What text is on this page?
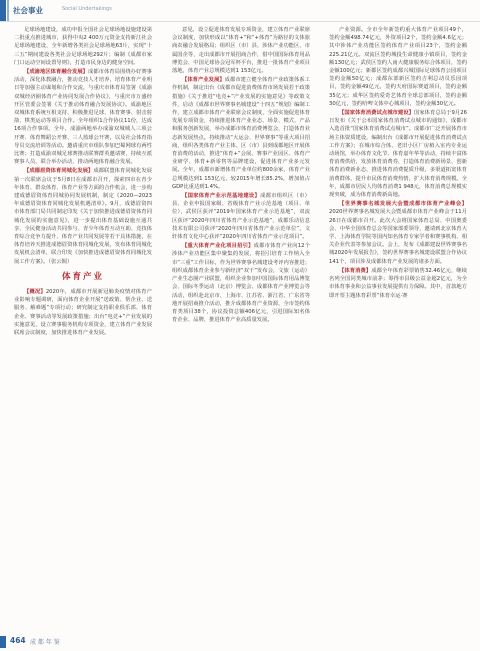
社会事业	Social Undertakings

足球场地建设，成功申报全国社会足球场地设施建设第二批重点推进城市，获得中央2 400万元资金支持新江社会足球场地建设，全年新增各类社会足球场地63片，实现“十三五”期间建设各类社会足球场地292片；编制《成都市家门口运动空间设置导则》，打造市民身边的健身空间。

【成渝地区体育融合发展】成都市体育局围绕办好赛事活动，深化体教融合，推动竞技人才培养，培育体育产业明日等加强主动谋划和合作交流，与重庆市体育局签署《成渝双城经济圈体育产业协同发展合作协议》，与重庆市万盛经开区管委会签署《关于推动体育融合发展协议》。成渝地区双城体育系统互相支持、积极推进足球、体育赛事、射击射箭、棋类运动等项目合作。全年组织1合作协议11份，达成16项合作事项。全年，成渝两地举办成渝双城城人三项公开赛、体育舞蹈公开赛、三人篮球公开赛，以及社会体育指导员交流培训等活动。邀请重庆市组队参加巴蜀网球有两性比赛；打造成渝双城足球赛推动联赛群英邀请赛，持续互派赛事人员，联合举办活动，推动两地体育融合发展。

【成德眉资体育同城化发展】成都联盟体育同城化发展第一次联席会议于5月8日在成都市召开，探索四市在青少年体育、群众体育、体育产业等方面的合作机会，进一步构建成德眉资体育同城协同发展机制，制定《2020—2023年成德眉资体育同城化发展机遇清单》。9月，成德眉资四市体育部门局共同制定印发《关于加快推进成德眉资体育同城化发展的实施意见》，进一步提出体育基础设施互通共享、全民健身活动共同参与、青少年体育互动互助、竞技体育综合竞争力提升、体育产业共同发展等若干具体措施，在体育培养天推进成德眉资体育同城化发展，发布体育同城化发展机会清单，联合印发《加快推进成德眉资体育同城化发展工作方案》。（张云铜）

体育产业

【概况】2020年，成都市开展新冠肺炎疫情对体育产业影响专题调研，面向体育企业开展“送政策、帮企业、送服务、解难题”专项行动；研究制定支持职业俱乐部、体育企业、赛事活动等发展政策措施；出台“电竞+”产业发展的实施意见，设立赛事服务机构专项资金，建立体育产业发展联席会议制度，加快推进体育产业发展。

意见，设立促进体育发展专项资金，建立体育产业联席会议制度，加快形成以“体育+”和“+体育”为路径的文体旅商农融合发展格局；组织区（市）县、涉体产业功能区、市属国企等，走出成都市开展招商合作，借中国国际体育用品博览会、中国足球协会冠军杯平台，推进一批体育产业项目落地，体育产业总规模达到1 153亿元。

【体育产业发展】成都市建立健全体育产业政策体系工作机制，制定出台《成都市促进消费体育市场发展若干政策措施》《关于推进“电竞+”产业发展的实施意见》等政策文件，启动《成都市世界赛事名城建设“十四五”规划》编制工作，建立成都市体育产业联席会议制度，全面实施促进体育发展专项资金，持续推进体育产业业态、场景、模式、产品和服务创新发展，举办成都市体育消费博览会，打造体育业态新发展热点。持续推动“大运会、世界赛事”等重大项目招商，组织各类体育产业主体、区（市）县到成都地区开展体育消费的活动，推进“体育+”会展、赛事产业园区、体育产业研学、体育+新零售等品牌建设，促进体育产业多元发展。全年，成都市新增体育产业单位约800余家，体育产业总规模达到1 153亿元，较2015年增长85.2%，增加值占GDP比重达到1.4%。

【国家体育产业示范基地建设】成都市组织区（市）县、企业申报国家级、省级体育产业示范基地（项目、单位），武侯区获评“2019年国家体育产业示范基地”，双流区获评“2020年四川省体育产业示范基地”，成都乐动信息技术有限公司获评“2020年四川省体育产业示范单位”，文轩体育文化中心获评“2020年四川省体育产业示范项目”。

【重大体育产业化项目招引】成都市体育产业向12个涉体产业功能区集中聚集的发展，将招引培育工作纳入全市“三重”工作目标，作为世界赛事名城建设考评内容推进；组织成都体育企业参与新经济“双千”发布会，文旅（运动）产业生态圈产业联盟，组织企业参加中国国际体育用品博览会、国际冬季运动（北京）博览会、成都体育产业博览会等活动，组织赴北京市、上海市、江苏省、浙江省、广东省等地开展招商推介活动，推介成都体育产业资源，全市签约体育类项目38个，协议投资总额406亿元，引进国际知名体育企业、品牌，推进体育产业高质量发展。

产业资源。全市全年新签约重大体育产业项目49个，签约金额498.74亿元，外资项目2个，签约金额4.6亿元；其中涉体产业功能区签约体育产业项目23个，签约金额225.21亿元。双流区签约城投生命健康小镇项目，签约金额130亿元；武侯区签约人南大健康服务综合体项目，签约金额100亿元；新都区签约成都兴城国际足球体育公园项目签约金额50亿元；成都东部新区签约吉利总动员乐园项目，签约金额49亿元，签约天府国际赛道项目，签约金额35亿元；成华区签约爱奇艺体育全球总部项目，签约金额30亿元，签约哈啤文体中心城项目，签约金额30亿元。

【国家体育消费试点城市建设】国家体育总局于9月26日发布《关于公布国家体育消费试点城市的通知》，成都市入选首批“国家体育消费试点城市”。成都市广泛开展体育市场主体资质建设，编制出台《成都市开展促进体育消费试点工作方案》；在城市综合体、老旧小区厂房植入室内专业运动场馆，举办体育文化节、体育嘉年华等活动，持续丰富体育消费供给，发放体育消费券，打造体育消费新场景，创新体育消费新业态，推进体育消费提质升级，多渠道拓宽体育消费群体，提升市民体育消费热情，扩大体育消费规模。全年，成都市居民人均体育消费1 948元，体育消费总规模实现突破，成为体育消费新高地。

【世界赛事名城发展大会暨成都市体育产业峰会】2020世界赛事名城发展大会暨成都市体育产业峰会于11月26日在成都市召开。此次大会将国家体育总局、中国奥委会、中华全国体育总会等国家部委领导，邀请到北京体育大学、上海体育学院等国内知名体育专家学者和赛事机构、相关企业代表等参加会议。会上，发布《成都建设世界赛事名城2020年发展报告》，签约世界赛事名城建设联盟合作协议141个，项目涉及成都体育产业发展的诸多方面。

【体育消费】成都全年体育彩票销售32.46亿元，继续名列全国同类城市前茅；筹得市县级公益金超2亿元，为全市体育事业和公益事业发展提供有力保障。其中，首款地方即开票主题体育彩票“体育幸运·赛

464 成 都 年 鉴
